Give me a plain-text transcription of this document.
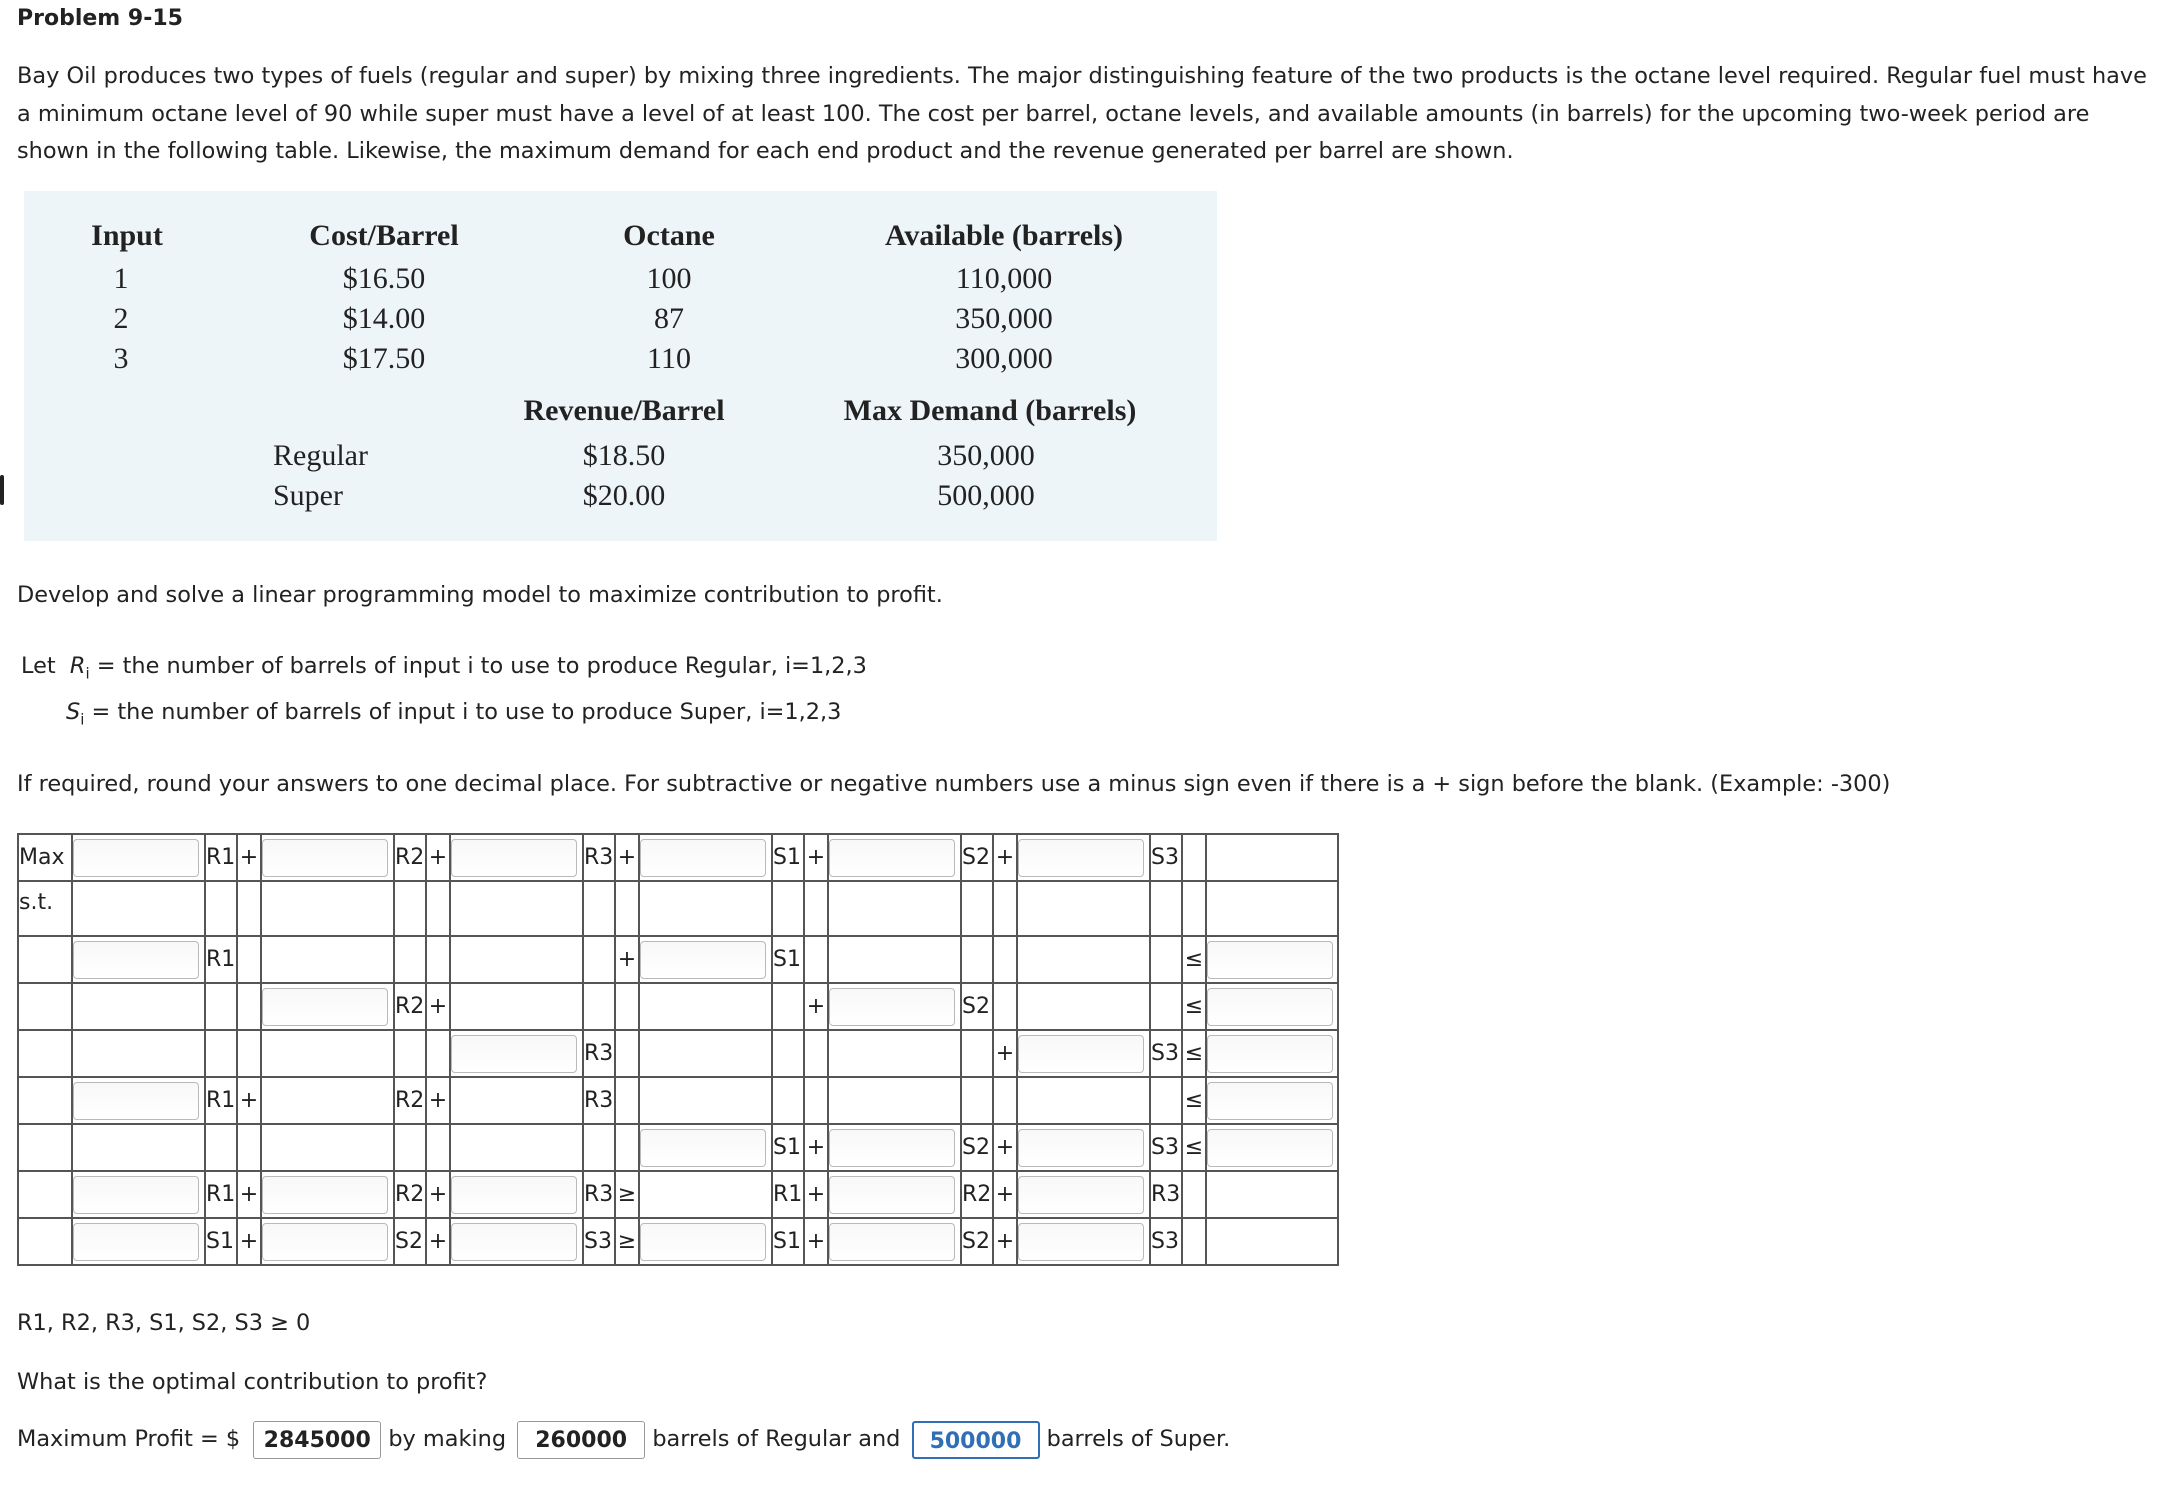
Problem 9-15

Bay Oil produces two types of fuels (regular and super) by mixing three ingredients. The major distinguishing feature of the two products is the octane level required. Regular fuel must have a minimum octane level of 90 while super must have a level of at least 100. The cost per barrel, octane levels, and available amounts (in barrels) for the upcoming two-week period are shown in the following table. Likewise, the maximum demand for each end product and the revenue generated per barrel are shown.

Input	Cost/Barrel	Octane	Available (barrels)
1	$16.50	100	110,000
2	$14.00	87	350,000
3	$17.50	110	300,000
Revenue/Barrel	Max Demand (barrels)
Regular	$18.50	350,000
Super	$20.00	500,000
Develop and solve a linear programming model to maximize contribution to profit.
Let $R_i$ = the number of barrels of input i to use to produce Regular, i=1,2,3
$S_i$ = the number of barrels of input i to use to produce Super, i=1,2,3
If required, round your answers to one decimal place. For subtractive or negative numbers use a minus sign even if there is a + sign before the blank. (Example: -300)
Max		R1	+		R2	+		R3	+		S1	+		S2	+		S3		
s.t.																			

	R1							+		S1							≤	

	R2	+						+		S2				≤	

	R3							+		S3	≤	

	R1	+		R2	+		R3										≤	

	S1	+		S2	+		S3	≤	

	R1	+		R2	+		R3	≥		R1	+		R2	+		R3		

	S1	+		S2	+		S3	≥		S1	+		S2	+		S3		
R1, R2, R3, S1, S2, S3 ≥ 0
What is the optimal contribution to profit?
Maximum Profit = $ 2845000 by making 260000 barrels of Regular and 500000 barrels of Super.
